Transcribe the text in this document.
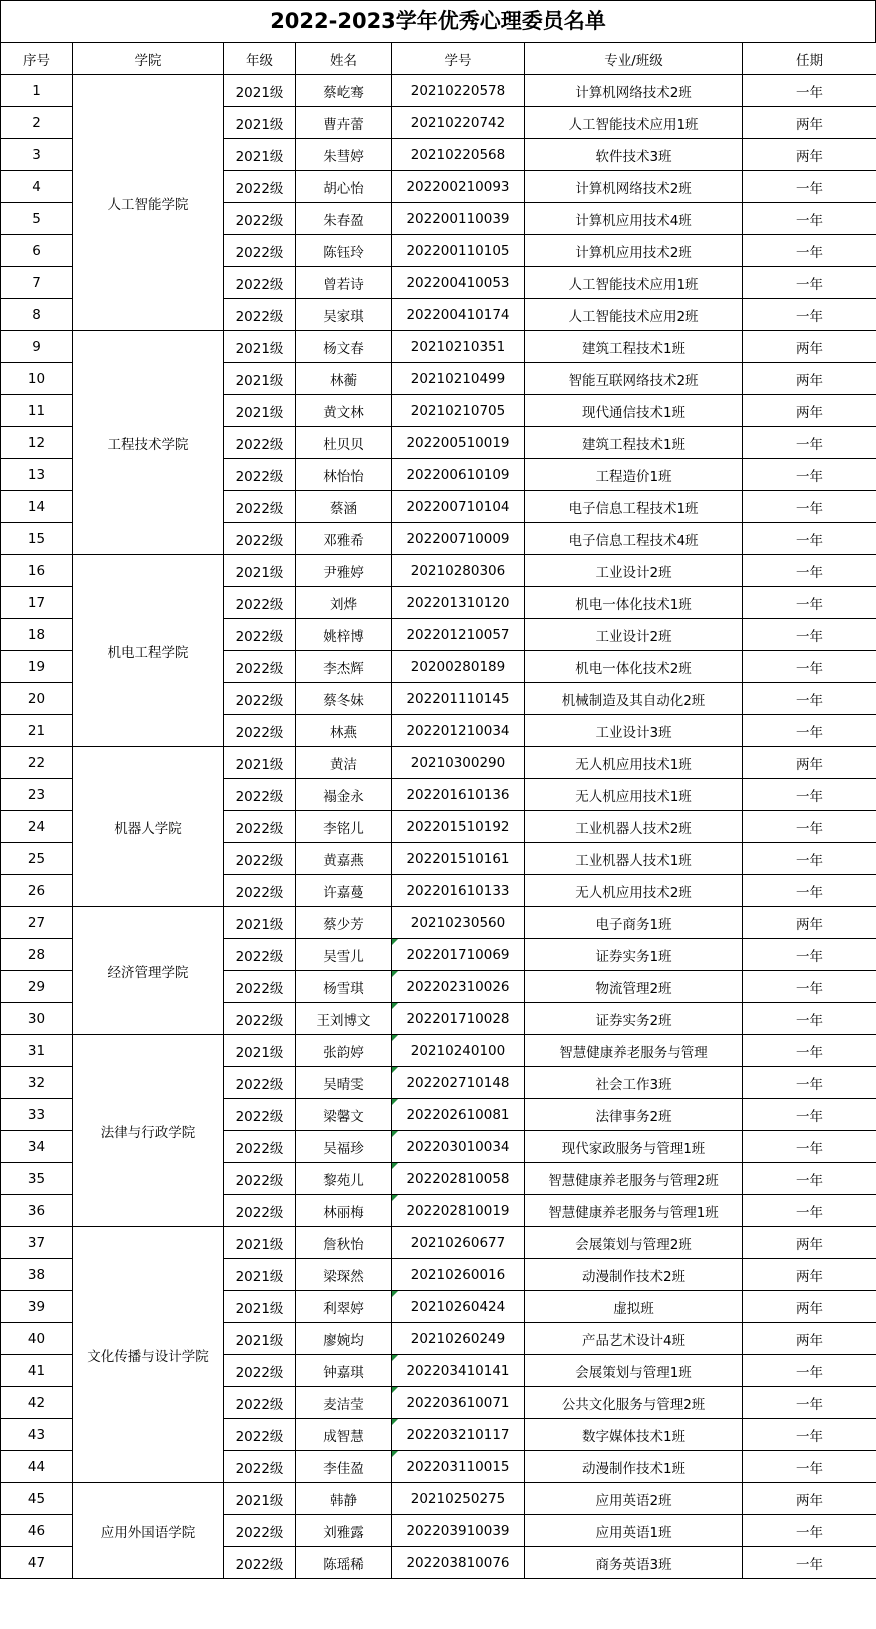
2022-2023学年优秀心理委员名单
序号	学院	年级	姓名	学号	专业/班级	任期
1	人工智能学院	2021级	蔡屹骞	20210220578	计算机网络技术2班	一年
2		2021级	曹卉蕾	20210220742	人工智能技术应用1班	两年
3		2021级	朱彗婷	20210220568	软件技术3班	两年
4		2022级	胡心怡	202200210093	计算机网络技术2班	一年
5		2022级	朱春盈	202200110039	计算机应用技术4班	一年
6		2022级	陈钰玲	202200110105	计算机应用技术2班	一年
7		2022级	曾若诗	202200410053	人工智能技术应用1班	一年
8		2022级	吴家琪	202200410174	人工智能技术应用2班	一年
9	工程技术学院	2021级	杨文春	20210210351	建筑工程技术1班	两年
10		2021级	林蘅	20210210499	智能互联网络技术2班	两年
11		2021级	黄文林	20210210705	现代通信技术1班	两年
12		2022级	杜贝贝	202200510019	建筑工程技术1班	一年
13		2022级	林怡怡	202200610109	工程造价1班	一年
14		2022级	蔡涵	202200710104	电子信息工程技术1班	一年
15		2022级	邓雅希	202200710009	电子信息工程技术4班	一年
16	机电工程学院	2021级	尹雅婷	20210280306	工业设计2班	一年
17		2022级	刘烨	202201310120	机电一体化技术1班	一年
18		2022级	姚梓博	202201210057	工业设计2班	一年
19		2022级	李杰辉	20200280189	机电一体化技术2班	一年
20		2022级	蔡冬妹	202201110145	机械制造及其自动化2班	一年
21		2022级	林燕	202201210034	工业设计3班	一年
22	机器人学院	2021级	黄洁	20210300290	无人机应用技术1班	两年
23		2022级	褟金永	202201610136	无人机应用技术1班	一年
24		2022级	李铭儿	202201510192	工业机器人技术2班	一年
25		2022级	黄嘉燕	202201510161	工业机器人技术1班	一年
26		2022级	许嘉蔓	202201610133	无人机应用技术2班	一年
27	经济管理学院	2021级	蔡少芳	20210230560	电子商务1班	两年
28		2022级	吴雪儿	202201710069	证券实务1班	一年
29		2022级	杨雪琪	202202310026	物流管理2班	一年
30		2022级	王刘博文	202201710028	证券实务2班	一年
31	法律与行政学院	2021级	张韵婷	20210240100	智慧健康养老服务与管理	一年
32		2022级	吴晴雯	202202710148	社会工作3班	一年
33		2022级	梁馨文	202202610081	法律事务2班	一年
34		2022级	吴福珍	202203010034	现代家政服务与管理1班	一年
35		2022级	黎苑儿	202202810058	智慧健康养老服务与管理2班	一年
36		2022级	林丽梅	202202810019	智慧健康养老服务与管理1班	一年
37	文化传播与设计学院	2021级	詹秋怡	20210260677	会展策划与管理2班	两年
38		2021级	梁琛然	20210260016	动漫制作技术2班	两年
39		2021级	利翠婷	20210260424	虚拟班	两年
40		2021级	廖婉均	20210260249	产品艺术设计4班	两年
41		2022级	钟嘉琪	202203410141	会展策划与管理1班	一年
42		2022级	麦洁莹	202203610071	公共文化服务与管理2班	一年
43		2022级	成智慧	202203210117	数字媒体技术1班	一年
44		2022级	李佳盈	202203110015	动漫制作技术1班	一年
45	应用外国语学院	2021级	韩静	20210250275	应用英语2班	两年
46		2022级	刘雅露	202203910039	应用英语1班	一年
47		2022级	陈瑶稀	202203810076	商务英语3班	一年
